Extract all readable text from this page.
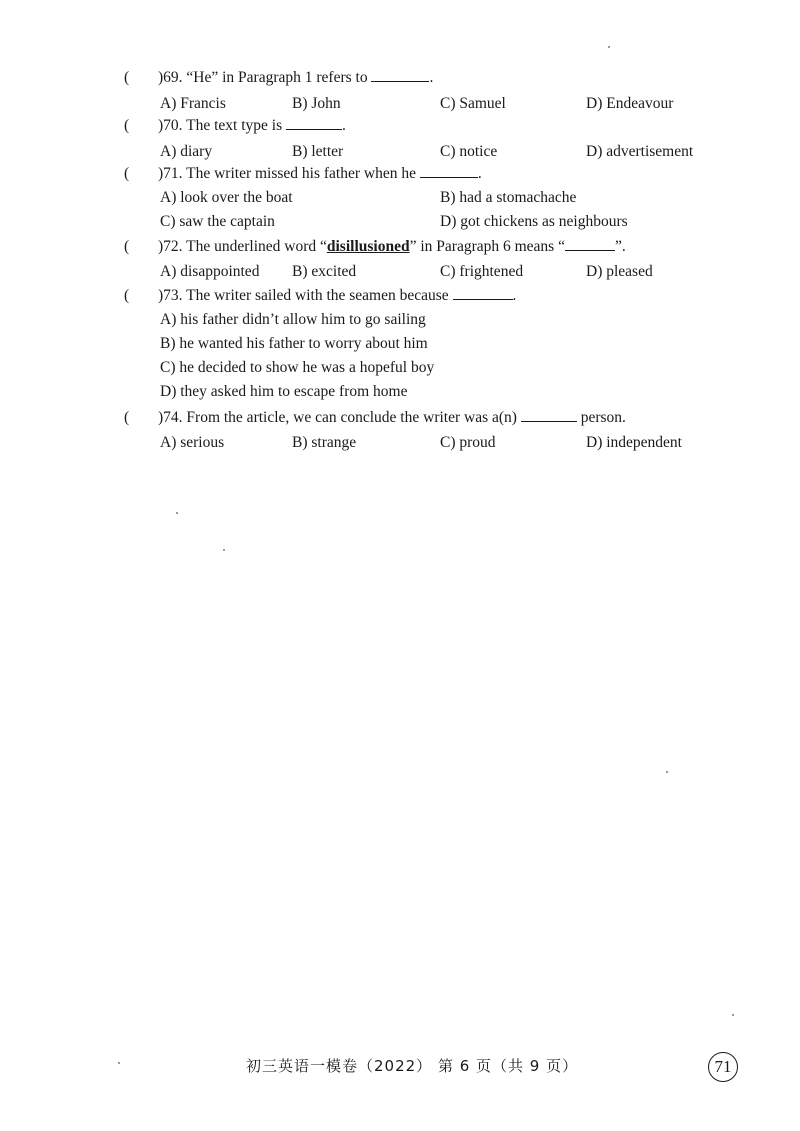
( )69. “He” in Paragraph 1 refers to	.
A) Francis	B) John	C) Samuel	D) Endeavour
( )70. The text type is	.
A) diary	B) letter	C) notice	D) advertisement
( )71. The writer missed his father when he	.
A) look over the boat	B) had a stomachache
C) saw the captain	D) got chickens as neighbours
( )72. The underlined word “disillusioned” in Paragraph 6 means “	”.
A) disappointed B) excited	C) frightened	D) pleased
( )73. The writer sailed with the seamen because	.
A) his father didn’t allow him to go sailing
B) he wanted his father to worry about him
C) he decided to show he was a hopeful boy
D) they asked him to escape from home
( )74. From the article, we can conclude the writer was a(n)	person.
A) serious	B) strange	C) proud	D) independent
初三英语一模卷（2022） 第 6 页（共 9 页）	71
